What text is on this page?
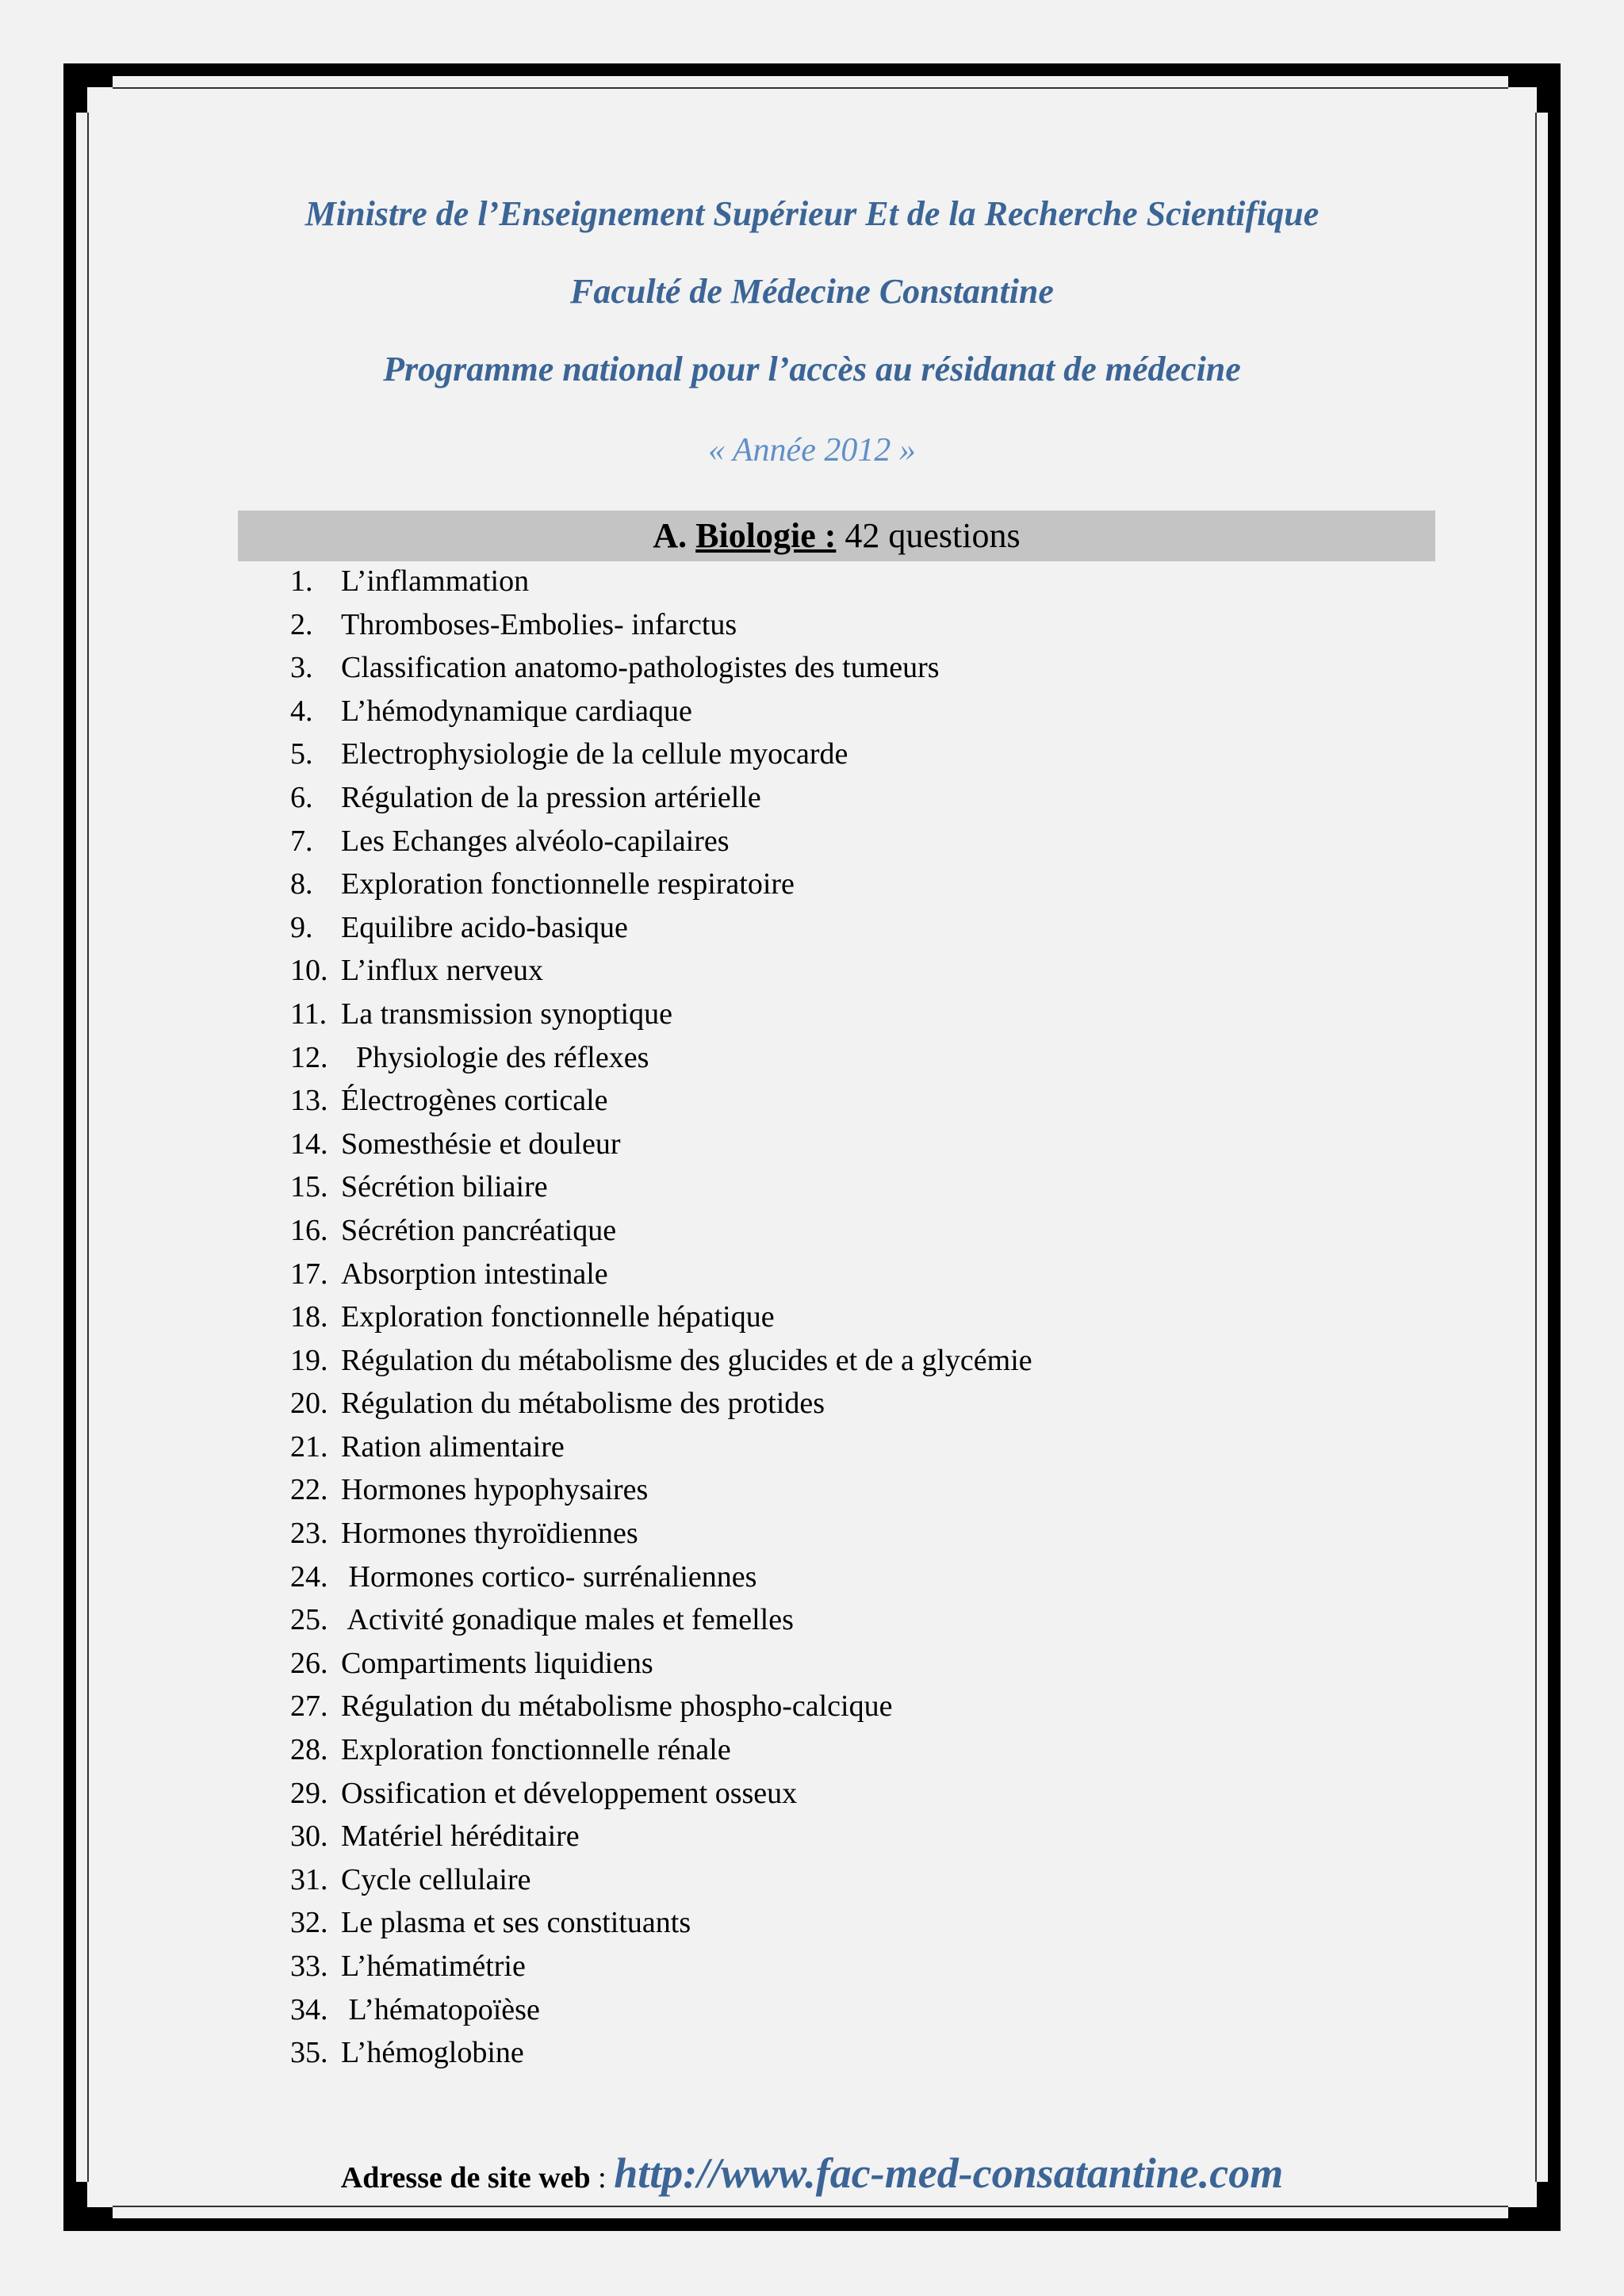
Ministre de l’Enseignement Supérieur Et de la Recherche Scientifique
Faculté de Médecine Constantine
Programme national pour l’accès au résidanat de médecine
« Année 2012 »
A. Biologie : 42 questions
1. L’inflammation
2. Thromboses-Embolies- infarctus
3. Classification anatomo-pathologistes des tumeurs
4. L’hémodynamique cardiaque
5. Electrophysiologie de la cellule myocarde
6. Régulation de la pression artérielle
7. Les Echanges alvéolo-capilaires
8. Exploration fonctionnelle respiratoire
9. Equilibre acido-basique
10. L’influx nerveux
11. La transmission synoptique
12.  Physiologie des réflexes
13. Électrogènes corticale
14. Somesthésie et douleur
15. Sécrétion biliaire
16. Sécrétion pancréatique
17. Absorption intestinale
18. Exploration fonctionnelle hépatique
19. Régulation du métabolisme des glucides et de a glycémie
20. Régulation du métabolisme des protides
21. Ration alimentaire
22. Hormones hypophysaires
23. Hormones thyroïdiennes
24. Hormones cortico- surrénaliennes
25. Activité gonadique males et femelles
26. Compartiments liquidiens
27. Régulation du métabolisme phospho-calcique
28. Exploration fonctionnelle rénale
29. Ossification et développement osseux
30. Matériel héréditaire
31. Cycle cellulaire
32. Le plasma et ses constituants
33. L’hématimétrie
34. L’hématopoïèse
35. L’hémoglobine
Adresse de site web : http://www.fac-med-consatantine.com
